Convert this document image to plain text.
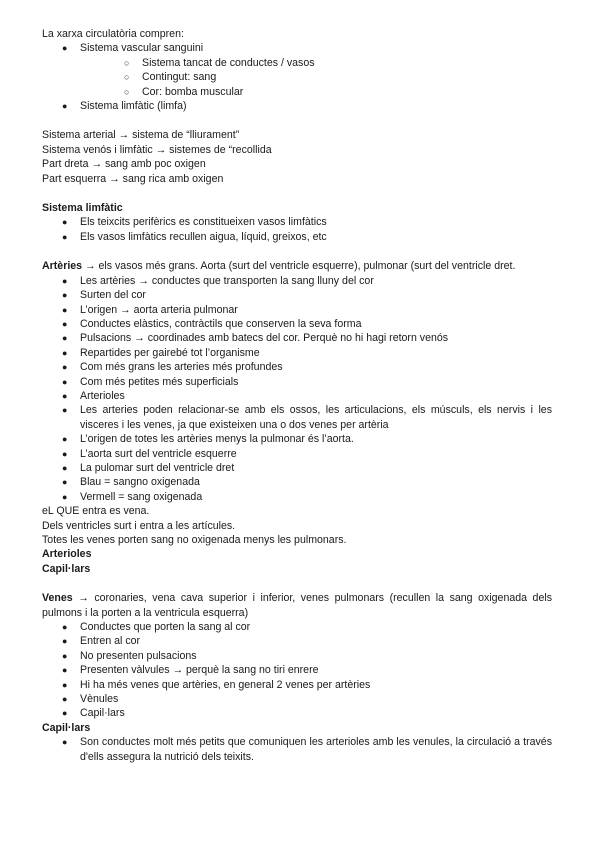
La xarxa circulatòria compren:

● Sistema vascular sanguini
○ Sistema tancat de conductes / vasos
○ Contingut: sang
○ Cor: bomba muscular
● Sistema limfàtic (limfa)

Sistema arterial → sistema de “lliurament”

Sistema venós i limfàtic → sistemes de “recollida

Part dreta → sang amb poc oxigen

Part esquerra → sang rica amb oxigen

Sistema limfàtic

● Els teixcits perifèrics es constitueixen vasos limfàtics
● Els vasos limfàtics recullen aigua, líquid, greixos, etc

Artèries → els vasos més grans. Aorta (surt del ventricle esquerre), pulmonar (surt del ventricle dret.

● Les artèries → conductes que transporten la sang lluny del cor
● Surten del cor
● L’origen → aorta arteria pulmonar
● Conductes elàstics, contràctils que conserven la seva forma
● Pulsacions → coordinades amb batecs del cor. Perquè no hi hagi retorn venós
● Repartides per gairebé tot l’organisme
● Com més grans les arteries més profundes
● Com més petites més superficials
● Arterioles
● Les arteries poden relacionar-se amb els ossos, les articulacions, els músculs, els nervis i les visceres i les venes, ja que existeixen una o dos venes per artèria
● L’origen de totes les artèries menys la pulmonar és l’aorta.
● L’aorta surt del ventricle esquerre
● La pulomar surt del ventricle dret
● Blau = sangno oxigenada
● Vermell = sang oxigenada

eL QUE entra es vena.

Dels ventricles surt i entra a les artícules.

Totes les venes porten sang no oxigenada menys les pulmonars.

Arterioles

Capil·lars

Venes → coronaries, vena cava superior i inferior, venes pulmonars (recullen la sang oxigenada dels pulmons i la porten a la ventricula esquerra)

● Conductes que porten la sang al cor
● Entren al cor
● No presenten pulsacions
● Presenten vàlvules → perquè la sang no tiri enrere
● Hi ha més venes que artèries, en general 2 venes per artèries
● Vènules
● Capil·lars

Capil·lars

● Son conductes molt més petits que comuniquen les arterioles amb les venules, la circulació a través d'ells assegura la nutrició dels teixits.
